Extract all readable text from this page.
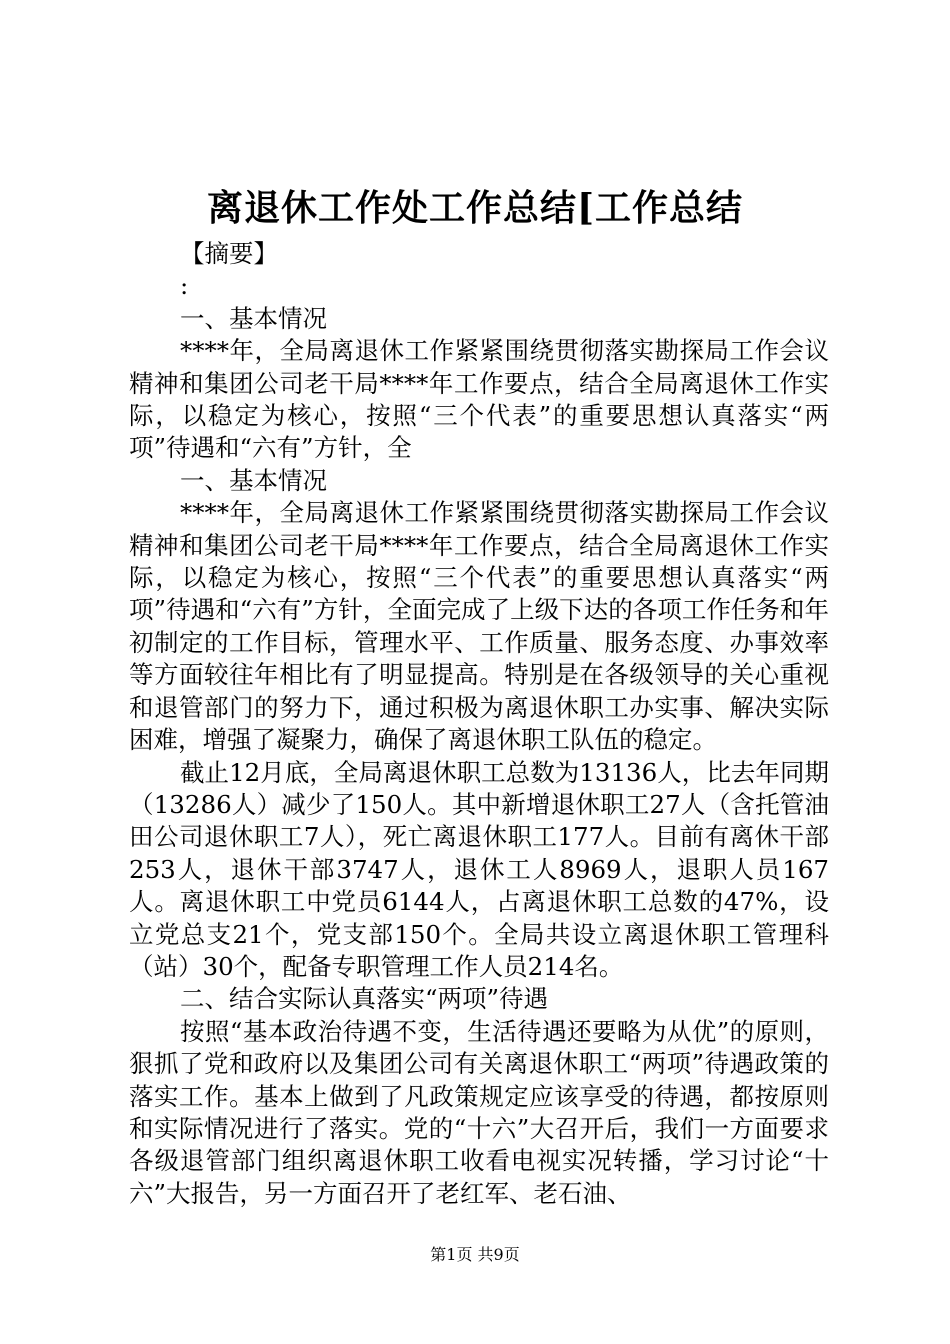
离退休工作处工作总结[工作总结

【摘要】

:

一、基本情况

****年，全局离退休工作紧紧围绕贯彻落实勘探局工作会议精神和集团公司老干局****年工作要点，结合全局离退休工作实际，以稳定为核心，按照“三个代表”的重要思想认真落实“两项”待遇和“六有”方针，全

一、基本情况

****年，全局离退休工作紧紧围绕贯彻落实勘探局工作会议精神和集团公司老干局****年工作要点，结合全局离退休工作实际，以稳定为核心，按照“三个代表”的重要思想认真落实“两项”待遇和“六有”方针，全面完成了上级下达的各项工作任务和年初制定的工作目标，管理水平、工作质量、服务态度、办事效率等方面较往年相比有了明显提高。特别是在各级领导的关心重视和退管部门的努力下，通过积极为离退休职工办实事、解决实际困难，增强了凝聚力，确保了离退休职工队伍的稳定。

截止12月底，全局离退休职工总数为13136人，比去年同期（13286人）减少了150人。其中新增退休职工27人（含托管油田公司退休职工7人），死亡离退休职工177人。目前有离休干部253人，退休干部3747人，退休工人8969人，退职人员167人。离退休职工中党员6144人，占离退休职工总数的47%，设立党总支21个，党支部150个。全局共设立离退休职工管理科（站）30个，配备专职管理工作人员214名。

二、结合实际认真落实“两项”待遇

按照“基本政治待遇不变，生活待遇还要略为从优”的原则，狠抓了党和政府以及集团公司有关离退休职工“两项”待遇政策的落实工作。基本上做到了凡政策规定应该享受的待遇，都按原则和实际情况进行了落实。党的“十六”大召开后，我们一方面要求各级退管部门组织离退休职工收看电视实况转播，学习讨论“十六”大报告，另一方面召开了老红军、老石油、

第1页 共9页
